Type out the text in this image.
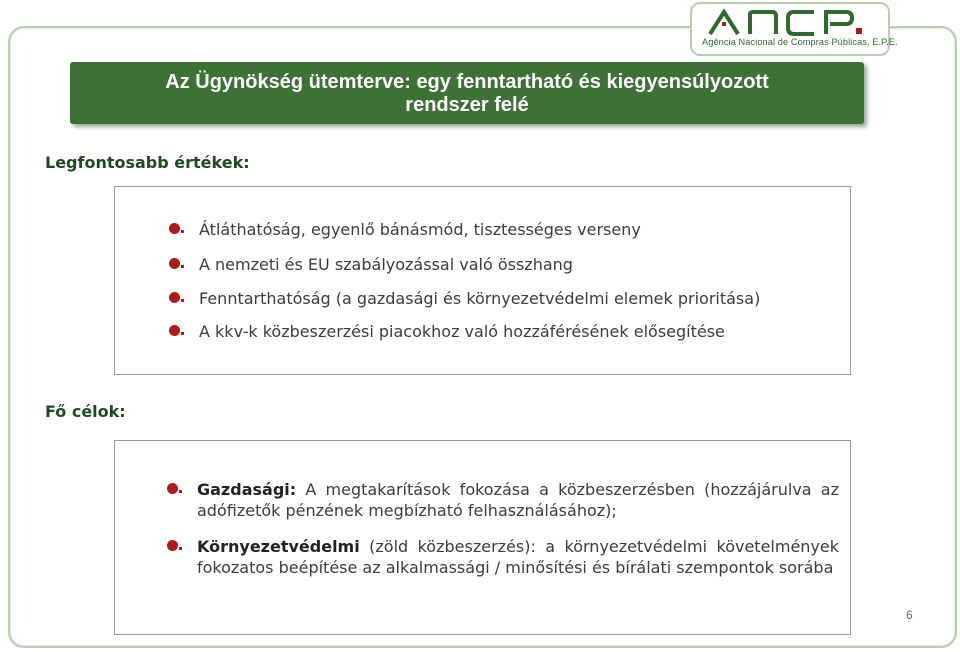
Agência Nacional de Compras Públicas, E.P.E.
Az Ügynökség ütemterve: egy fenntartható és kiegyensúlyozott
rendszer felé
Legfontosabb értékek:
Átláthatóság, egyenlő bánásmód, tisztességes verseny
A nemzeti és EU szabályozással való összhang
Fenntarthatóság (a gazdasági és környezetvédelmi elemek prioritása)
A kkv-k közbeszerzési piacokhoz való hozzáférésének elősegítése
Fő célok:
Gazdasági: A megtakarítások fokozása a közbeszerzésben (hozzájárulva az adófizetők pénzének megbízható felhasználásához);
Környezetvédelmi (zöld közbeszerzés): a környezetvédelmi követelmények fokozatos beépítése az alkalmassági / minősítési és bírálati szempontok sorába
6
